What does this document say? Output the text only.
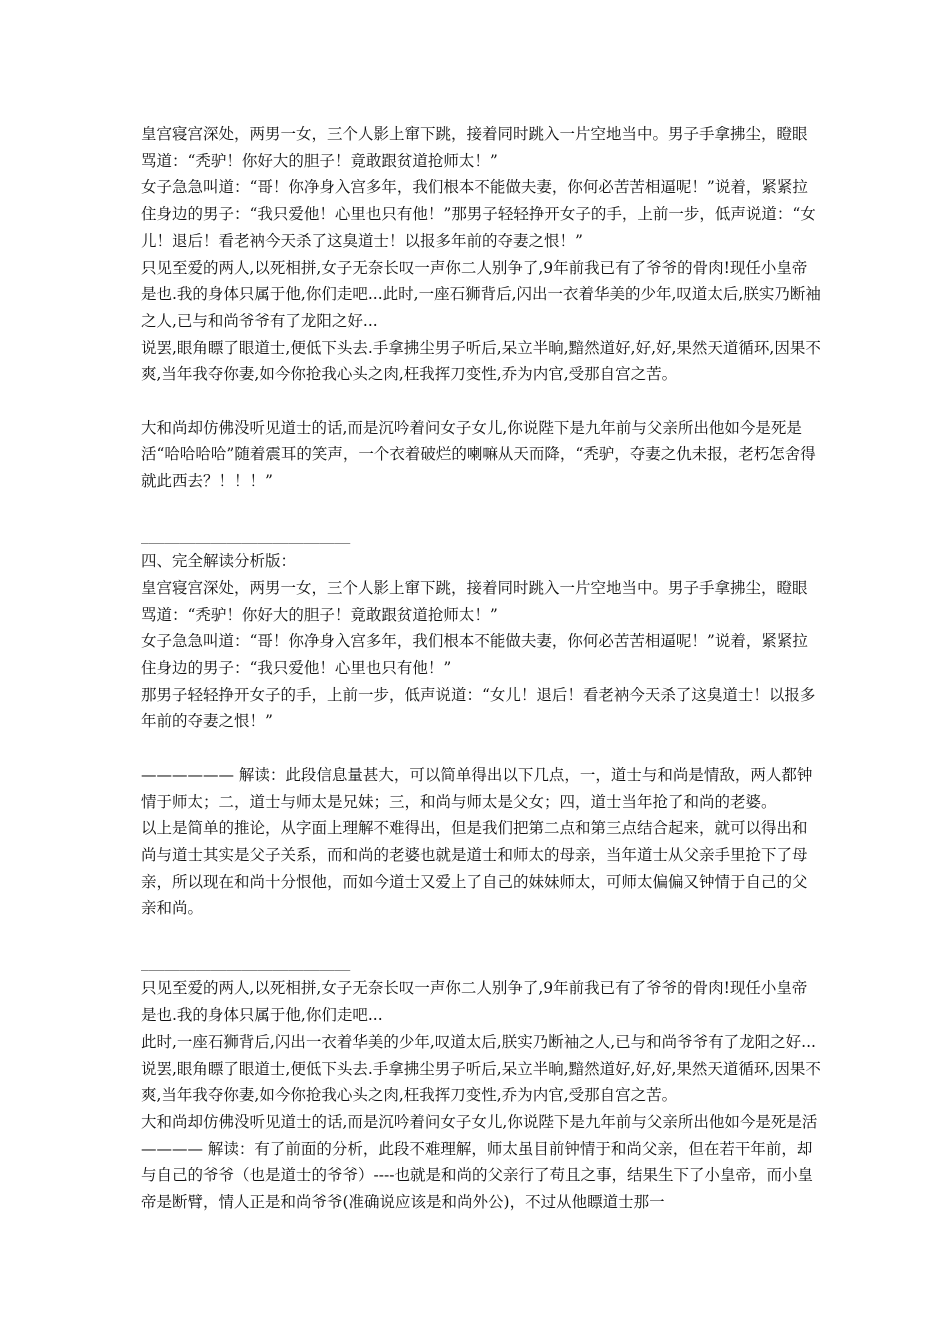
皇宫寝宫深处，两男一女，三个人影上窜下跳，接着同时跳入一片空地当中。男子手拿拂尘，瞪眼骂道：“秃驴！你好大的胆子！竟敢跟贫道抢师太！”

女子急急叫道：“哥！你净身入宫多年，我们根本不能做夫妻，你何必苦苦相逼呢！”说着，紧紧拉住身边的男子：“我只爱他！心里也只有他！”那男子轻轻挣开女子的手，上前一步，低声说道：“女儿！退后！看老衲今天杀了这臭道士！以报多年前的夺妻之恨！”

只见至爱的两人,以死相拼,女子无奈长叹一声你二人别争了,9年前我已有了爷爷的骨肉!现任小皇帝是也.我的身体只属于他,你们走吧...此时,一座石狮背后,闪出一衣着华美的少年,叹道太后,朕实乃断袖之人,已与和尚爷爷有了龙阳之好...

说罢,眼角瞟了眼道士,便低下头去.手拿拂尘男子听后,呆立半晌,黯然道好,好,好,果然天道循环,因果不爽,当年我夺你妻,如今你抢我心头之肉,枉我挥刀变性,乔为内官,受那自宫之苦。

大和尚却仿佛没听见道士的话,而是沉吟着问女子女儿,你说陛下是九年前与父亲所出他如今是死是活“哈哈哈哈”随着震耳的笑声，一个衣着破烂的喇嘛从天而降，“秃驴，夺妻之仇未报，老朽怎舍得就此西去？！！！”

___________________________

四、完全解读分析版：

皇宫寝宫深处，两男一女，三个人影上窜下跳，接着同时跳入一片空地当中。男子手拿拂尘，瞪眼骂道：“秃驴！你好大的胆子！竟敢跟贫道抢师太！”

女子急急叫道：“哥！你净身入宫多年，我们根本不能做夫妻，你何必苦苦相逼呢！”说着，紧紧拉住身边的男子：“我只爱他！心里也只有他！”

那男子轻轻挣开女子的手，上前一步，低声说道：“女儿！退后！看老衲今天杀了这臭道士！以报多年前的夺妻之恨！”

—————— 解读：此段信息量甚大，可以简单得出以下几点，一，道士与和尚是情敌，两人都钟情于师太；二，道士与师太是兄妹；三，和尚与师太是父女；四，道士当年抢了和尚的老婆。

以上是简单的推论，从字面上理解不难得出，但是我们把第二点和第三点结合起来，就可以得出和尚与道士其实是父子关系，而和尚的老婆也就是道士和师太的母亲，当年道士从父亲手里抢下了母亲，所以现在和尚十分恨他，而如今道士又爱上了自己的妹妹师太，可师太偏偏又钟情于自己的父亲和尚。

___________________________

只见至爱的两人,以死相拼,女子无奈长叹一声你二人别争了,9年前我已有了爷爷的骨肉!现任小皇帝是也.我的身体只属于他,你们走吧...

此时,一座石狮背后,闪出一衣着华美的少年,叹道太后,朕实乃断袖之人,已与和尚爷爷有了龙阳之好...

说罢,眼角瞟了眼道士,便低下头去.手拿拂尘男子听后,呆立半晌,黯然道好,好,好,果然天道循环,因果不爽,当年我夺你妻,如今你抢我心头之肉,枉我挥刀变性,乔为内官,受那自宫之苦。

大和尚却仿佛没听见道士的话,而是沉吟着问女子女儿,你说陛下是九年前与父亲所出他如今是死是活

———— 解读：有了前面的分析，此段不难理解，师太虽目前钟情于和尚父亲，但在若干年前，却与自己的爷爷（也是道士的爷爷）----也就是和尚的父亲行了苟且之事，结果生下了小皇帝，而小皇帝是断臂，情人正是和尚爷爷(准确说应该是和尚外公)，不过从他瞟道士那一
